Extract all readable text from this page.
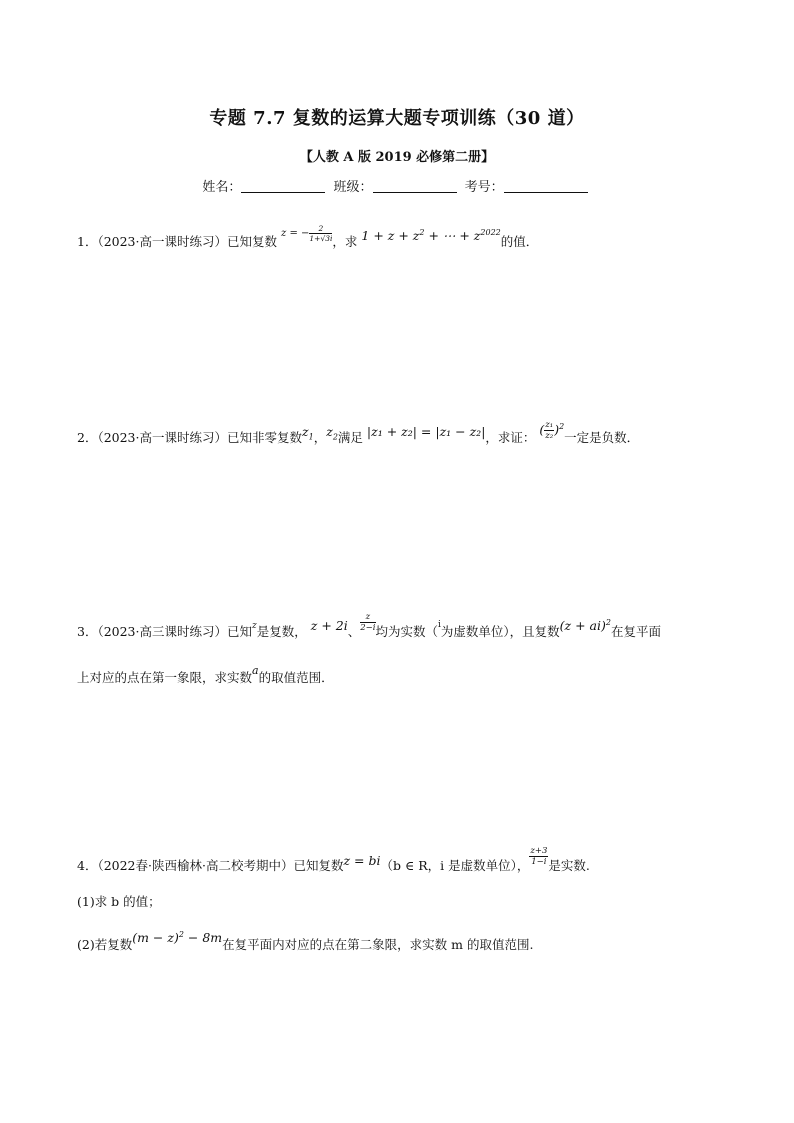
专题 7.7 复数的运算大题专项训练（30 道）
【人教 A 版 2019 必修第二册】
姓名：	班级：	考号：
1．（2023·高一课时练习）已知复数 $^{z = - \frac{2}{1+√3i}}$ ，求 $1 + z + z^2$ + ⋯ + $z^{2022}$的值．
2．（2023·高一课时练习）已知非零复数$z_1$，$z_2$满足 |z₁ + z₂| = |z₁ − z₂|，求证： ( $\frac{\text{z₁}}{\text{z₂}} )^2$一定是负数．
3．（2023·高三课时练习）已知$^z$是复数， z + 2i、 $\frac{z}{2-i}$ 均为实数（$^i$为虚数单位），且复数(z + ai)$^2$在复平面
上对应的点在第一象限，求实数a的取值范围．
4．（2022春·陕西榆林·高二校考期中）已知复数z = bi（b ∈ R，i 是虚数单位）， $\frac{z+3}{1-i}$ 是实数.
(1)求 b 的值；
(2)若复数$(m - z)^2 - 8m$在复平面内对应的点在第二象限，求实数 m 的取值范围.
